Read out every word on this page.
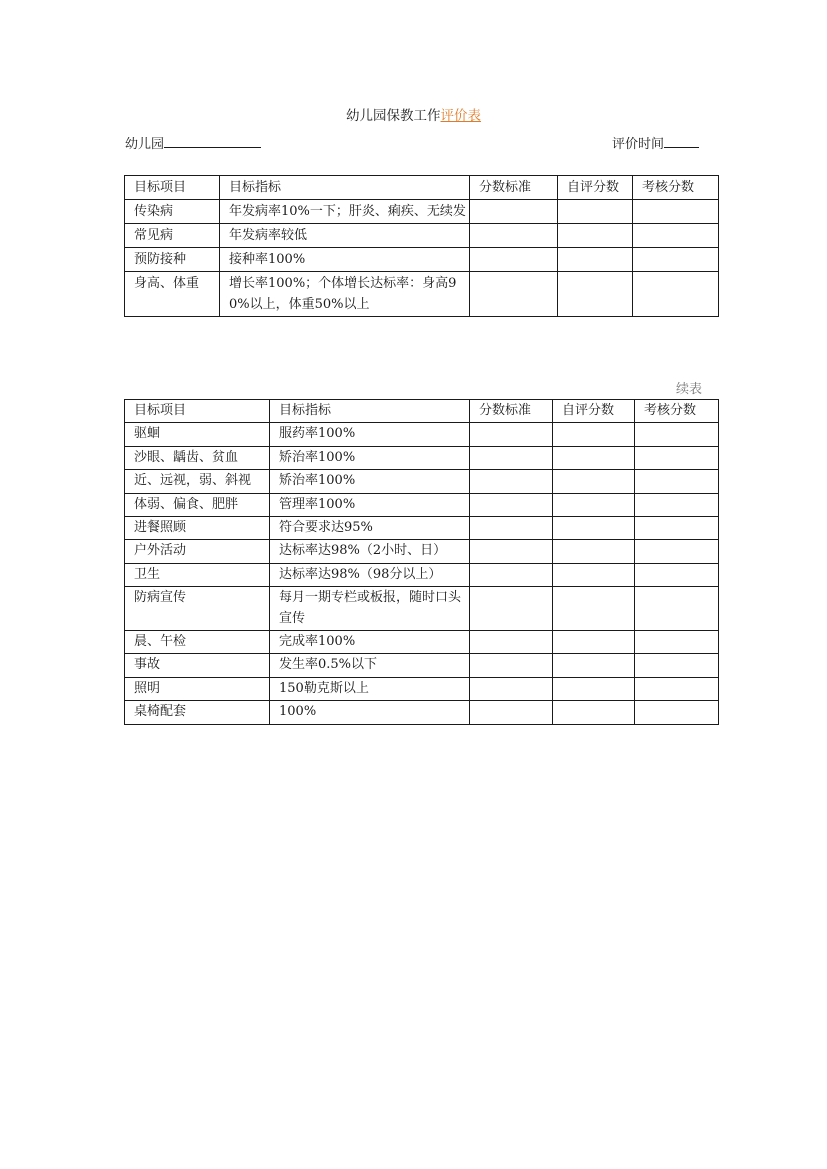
幼儿园保教工作评价表
幼儿园	评价时间
目标项目	目标指标	分数标准	自评分数	考核分数
传染病	年发病率10%一下；肝炎、痢疾、无续发			
常见病	年发病率较低			
预防接种	接种率100%			
身高、体重	增长率100%；个体增长达标率：身高90%以上，体重50%以上			
续表
目标项目	目标指标	分数标准	自评分数	考核分数
驱蛔	服药率100%			
沙眼、龋齿、贫血	矫治率100%			
近、远视，弱、斜视	矫治率100%			
体弱、偏食、肥胖	管理率100%			
进餐照顾	符合要求达95%			
户外活动	达标率达98%（2小时、日）			
卫生	达标率达98%（98分以上）			
防病宣传	每月一期专栏或板报，随时口头宣传			
晨、午检	完成率100%			
事故	发生率0.5%以下			
照明	150勒克斯以上			
桌椅配套	100%			
